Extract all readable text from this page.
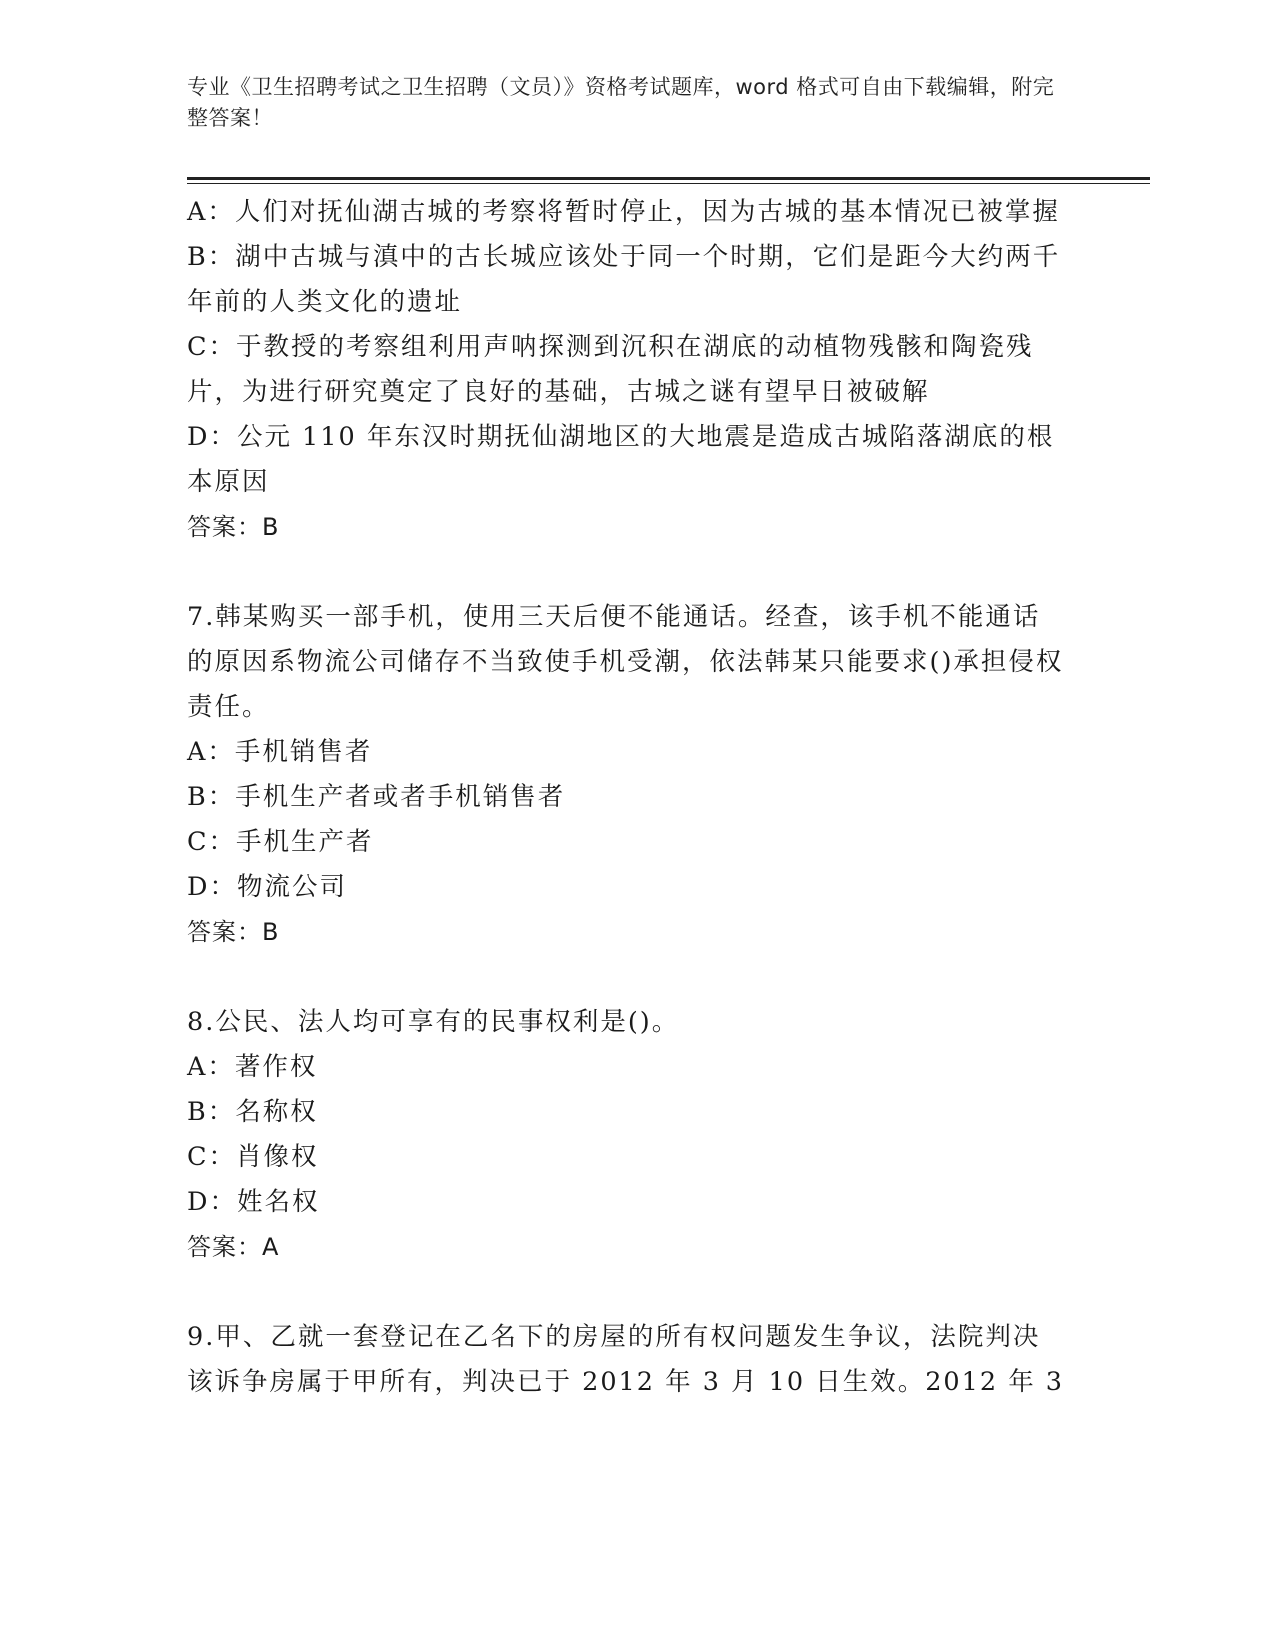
专业《卫生招聘考试之卫生招聘（文员）》资格考试题库，word 格式可自由下载编辑，附完整答案！

A：人们对抚仙湖古城的考察将暂时停止，因为古城的基本情况已被掌握

B：湖中古城与滇中的古长城应该处于同一个时期，它们是距今大约两千年前的人类文化的遗址

C：于教授的考察组利用声呐探测到沉积在湖底的动植物残骸和陶瓷残片，为进行研究奠定了良好的基础，古城之谜有望早日被破解

D：公元 110 年东汉时期抚仙湖地区的大地震是造成古城陷落湖底的根本原因

答案：B

7.韩某购买一部手机，使用三天后便不能通话。经查，该手机不能通话的原因系物流公司储存不当致使手机受潮，依法韩某只能要求()承担侵权责任。

A：手机销售者

B：手机生产者或者手机销售者

C：手机生产者

D：物流公司

答案：B

8.公民、法人均可享有的民事权利是()。

A：著作权

B：名称权

C：肖像权

D：姓名权

答案：A

9.甲、乙就一套登记在乙名下的房屋的所有权问题发生争议，法院判决该诉争房属于甲所有，判决已于 2012 年 3 月 10 日生效。2012 年 3
